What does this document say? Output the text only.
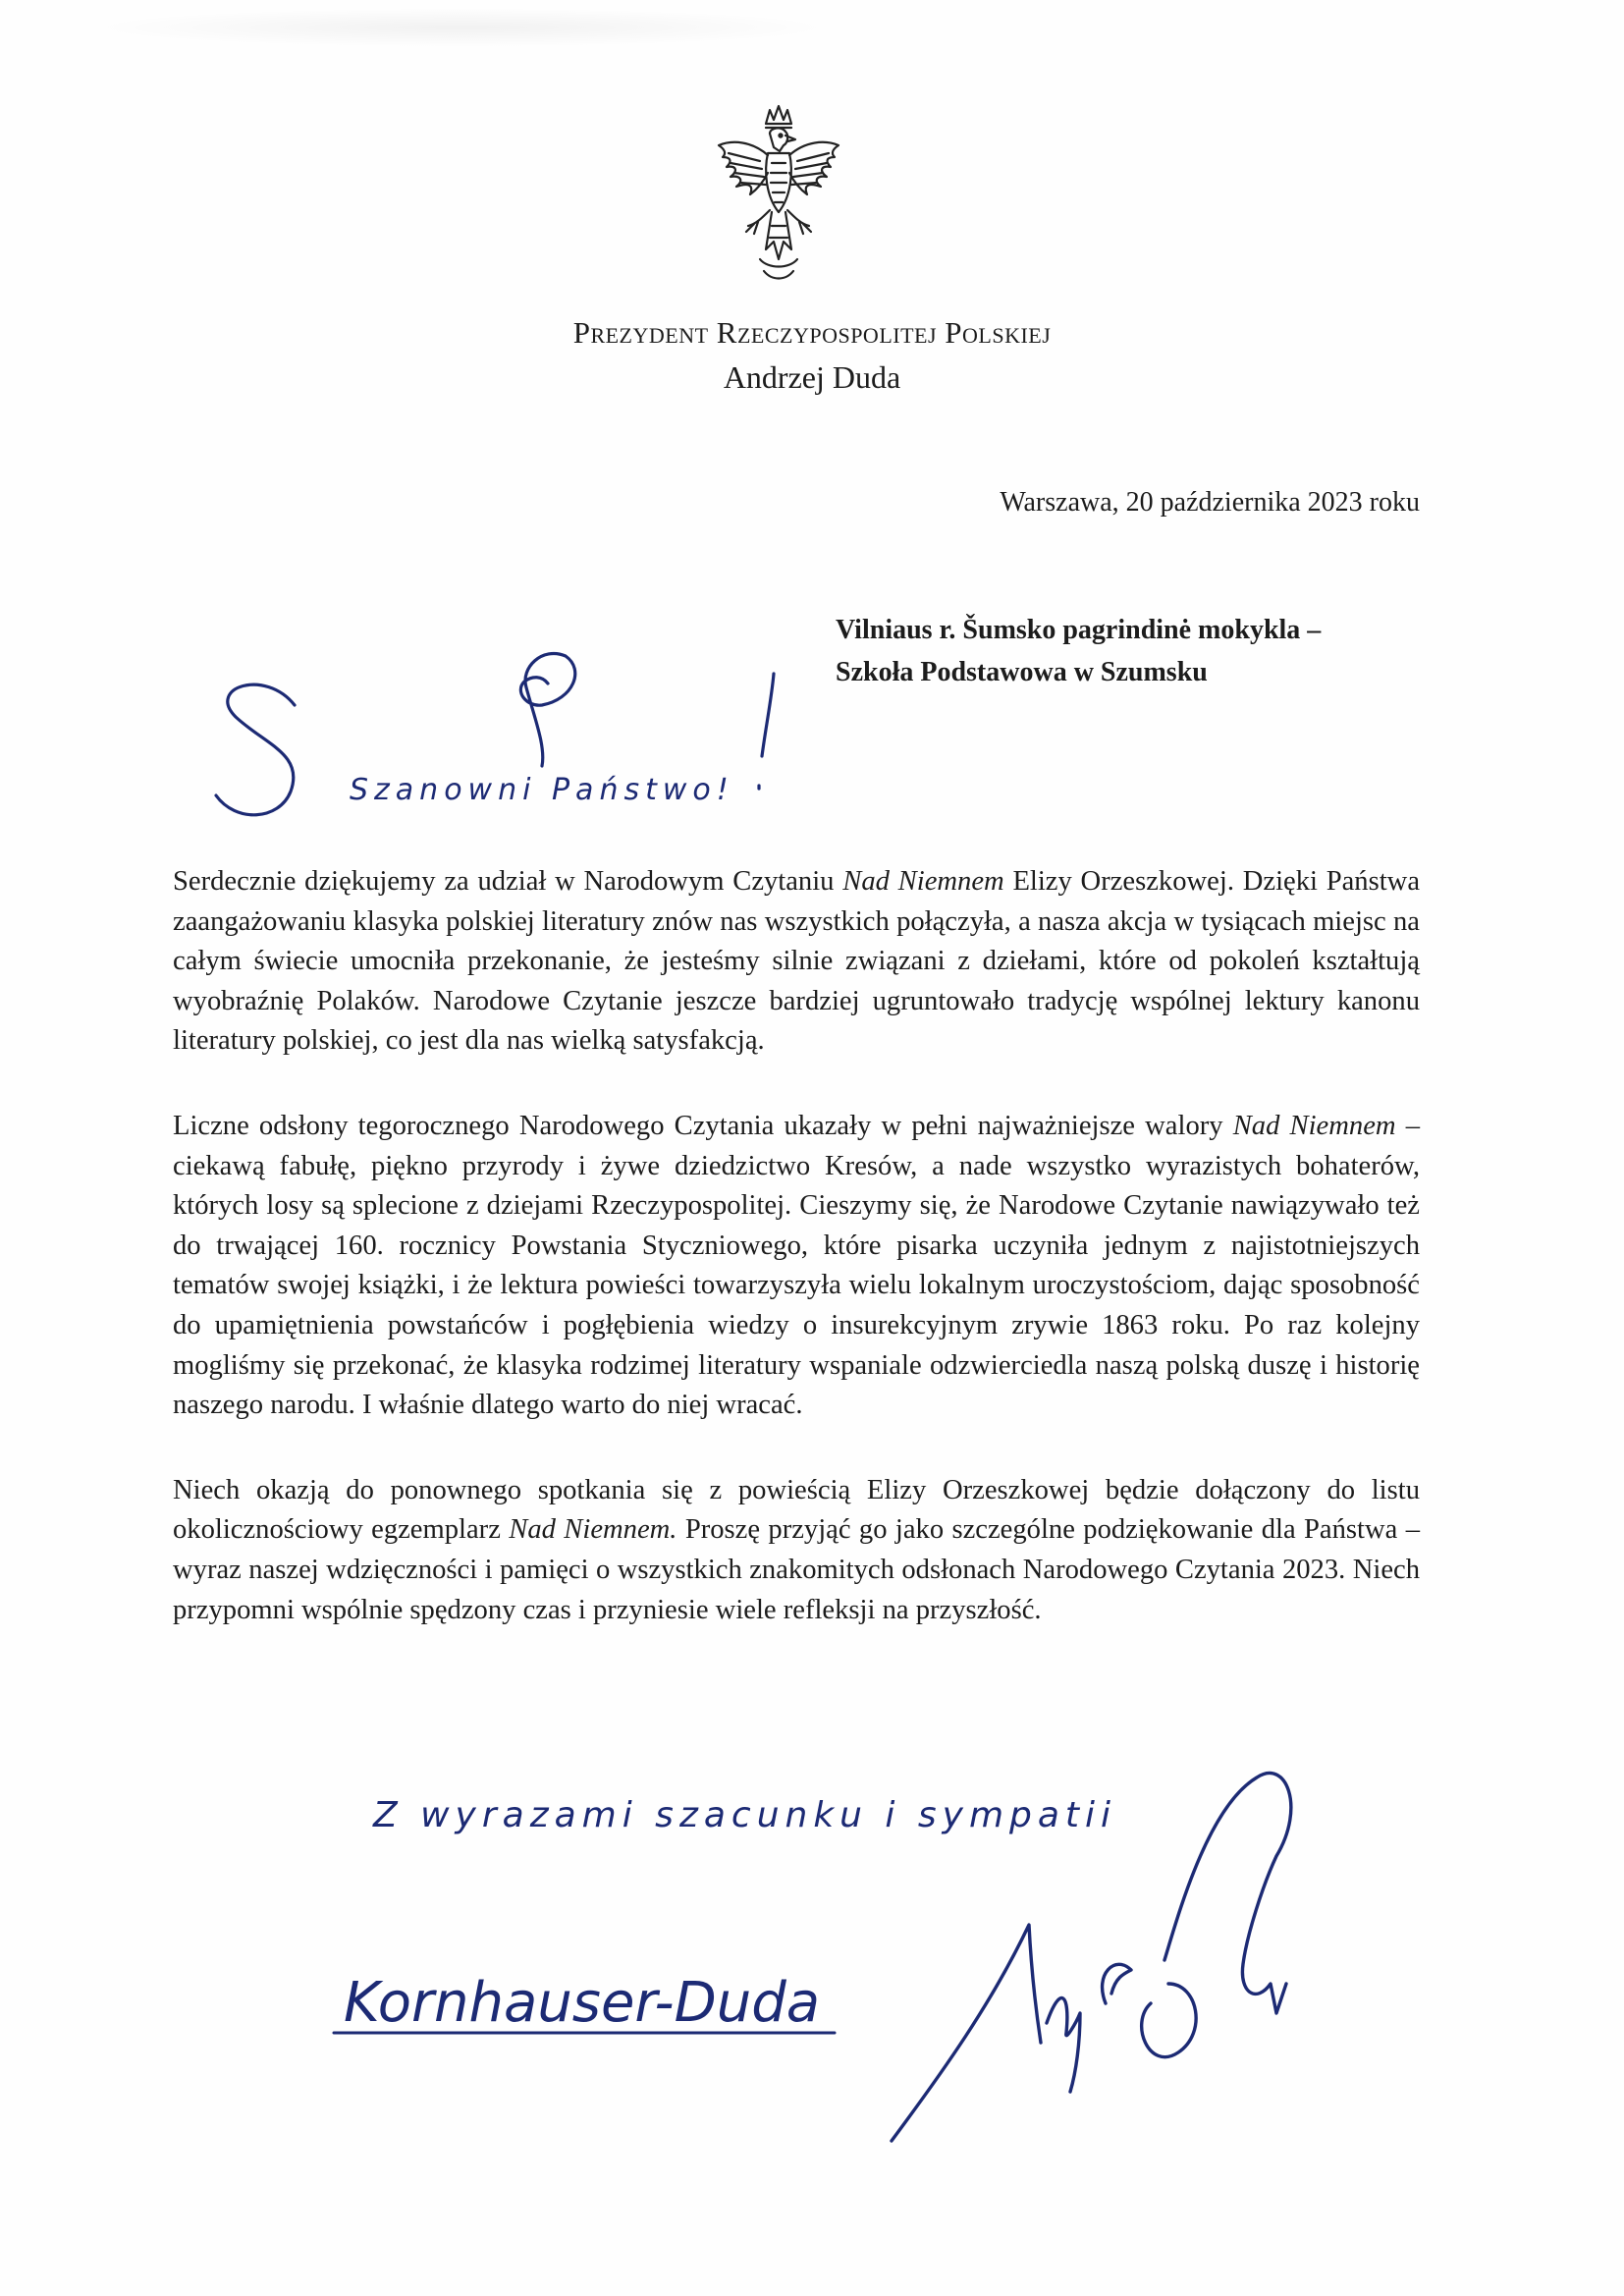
Prezydent Rzeczypospolitej Polskiej
Andrzej Duda
Warszawa, 20 października 2023 roku
Vilniaus r. Šumsko pagrindinė mokykla –
Szkoła Podstawowa w Szumsku
Szanowni Państwo!

Serdecznie dziękujemy za udział w Narodowym Czytaniu Nad Niemnem Elizy Orzeszkowej. Dzięki Państwa zaangażowaniu klasyka polskiej literatury znów nas wszystkich połączyła, a nasza akcja w tysiącach miejsc na całym świecie umocniła przekonanie, że jesteśmy silnie związani z dziełami, które od pokoleń kształtują wyobraźnię Polaków. Narodowe Czytanie jeszcze bardziej ugruntowało tradycję wspólnej lektury kanonu literatury polskiej, co jest dla nas wielką satysfakcją.

Liczne odsłony tegorocznego Narodowego Czytania ukazały w pełni najważniejsze walory Nad Niemnem – ciekawą fabułę, piękno przyrody i żywe dziedzictwo Kresów, a nade wszystko wyrazistych bohaterów, których losy są splecione z dziejami Rzeczypospolitej. Cieszymy się, że Narodowe Czytanie nawiązywało też do trwającej 160. rocznicy Powstania Styczniowego, które pisarka uczyniła jednym z najistotniejszych tematów swojej książki, i że lektura powieści towarzyszyła wielu lokalnym uroczystościom, dając sposobność do upamiętnienia powstańców i pogłębienia wiedzy o insurekcyjnym zrywie 1863 roku. Po raz kolejny mogliśmy się przekonać, że klasyka rodzimej literatury wspaniale odzwierciedla naszą polską duszę i historię naszego narodu. I właśnie dlatego warto do niej wracać.

Niech okazją do ponownego spotkania się z powieścią Elizy Orzeszkowej będzie dołączony do listu okolicznościowy egzemplarz Nad Niemnem. Proszę przyjąć go jako szczególne podziękowanie dla Państwa – wyraz naszej wdzięczności i pamięci o wszystkich znakomitych odsłonach Narodowego Czytania 2023. Niech przypomni wspólnie spędzony czas i przyniesie wiele refleksji na przyszłość.

Z wyrazami szacunku i sympatii
Kornhauser-Duda
